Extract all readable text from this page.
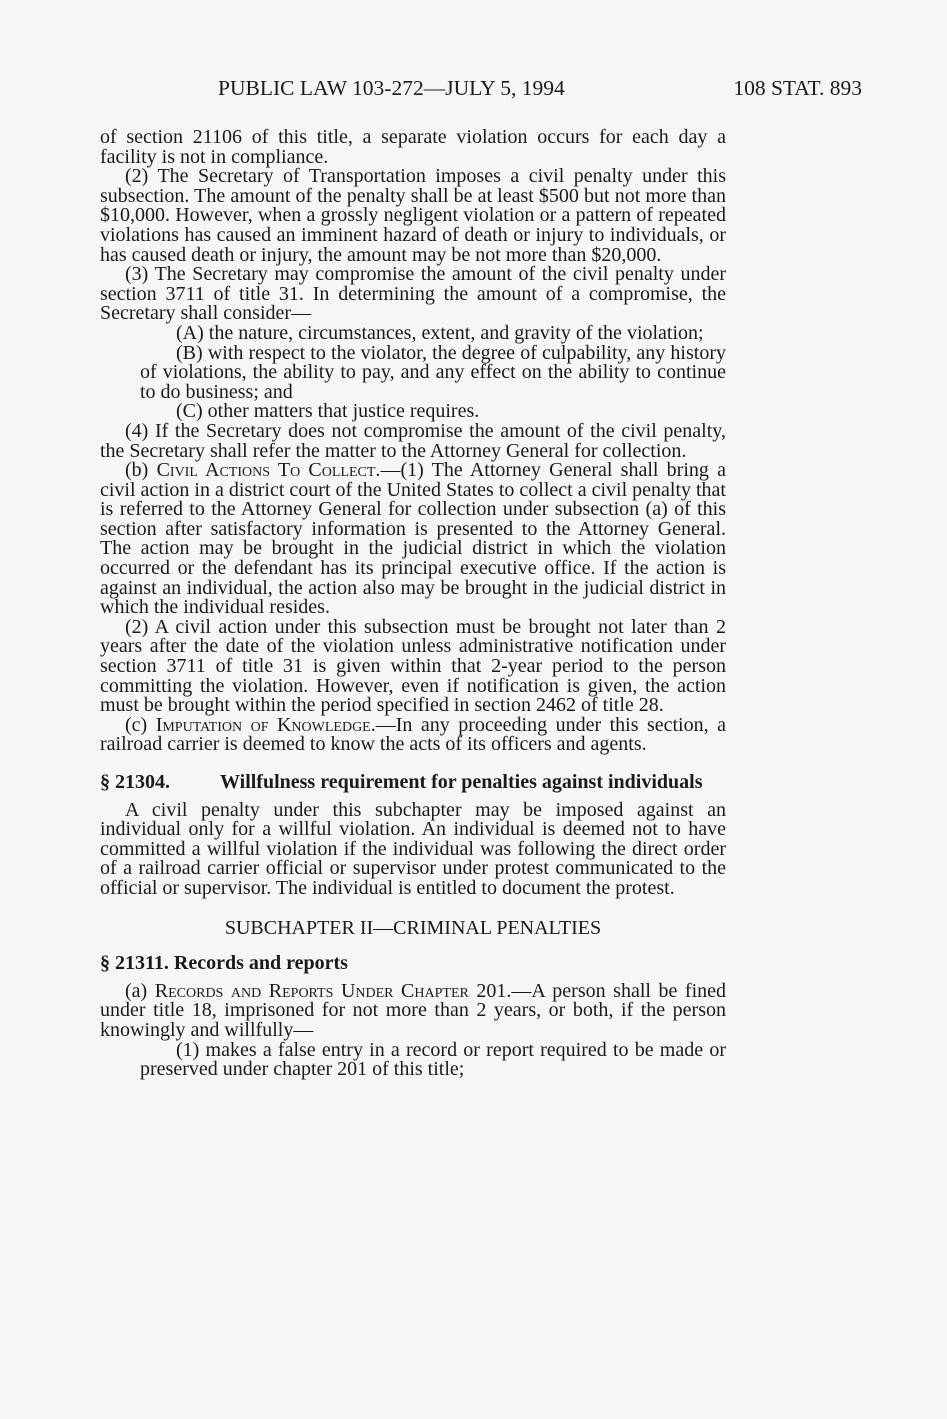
PUBLIC LAW 103-272—JULY 5, 1994	108 STAT. 893

of section 21106 of this title, a separate violation occurs for each day a facility is not in compliance.

(2) The Secretary of Transportation imposes a civil penalty under this subsection. The amount of the penalty shall be at least $500 but not more than $10,000. However, when a grossly negligent violation or a pattern of repeated violations has caused an imminent hazard of death or injury to individuals, or has caused death or injury, the amount may be not more than $20,000.

(3) The Secretary may compromise the amount of the civil penalty under section 3711 of title 31. In determining the amount of a compromise, the Secretary shall consider—

(A) the nature, circumstances, extent, and gravity of the violation;

(B) with respect to the violator, the degree of culpability, any history of violations, the ability to pay, and any effect on the ability to continue to do business; and

(C) other matters that justice requires.

(4) If the Secretary does not compromise the amount of the civil penalty, the Secretary shall refer the matter to the Attorney General for collection.

(b) Civil Actions To Collect.—(1) The Attorney General shall bring a civil action in a district court of the United States to collect a civil penalty that is referred to the Attorney General for collection under subsection (a) of this section after satisfactory information is presented to the Attorney General. The action may be brought in the judicial district in which the violation occurred or the defendant has its principal executive office. If the action is against an individual, the action also may be brought in the judicial district in which the individual resides.

(2) A civil action under this subsection must be brought not later than 2 years after the date of the violation unless administrative notification under section 3711 of title 31 is given within that 2-year period to the person committing the violation. However, even if notification is given, the action must be brought within the period specified in section 2462 of title 28.

(c) Imputation of Knowledge.—In any proceeding under this section, a railroad carrier is deemed to know the acts of its officers and agents.

§ 21304.	Willfulness requirement for penalties against individuals

A civil penalty under this subchapter may be imposed against an individual only for a willful violation. An individual is deemed not to have committed a willful violation if the individual was following the direct order of a railroad carrier official or supervisor under protest communicated to the official or supervisor. The individual is entitled to document the protest.

SUBCHAPTER II—CRIMINAL PENALTIES

§ 21311. Records and reports

(a) Records and Reports Under Chapter 201.—A person shall be fined under title 18, imprisoned for not more than 2 years, or both, if the person knowingly and willfully—

(1) makes a false entry in a record or report required to be made or preserved under chapter 201 of this title;
